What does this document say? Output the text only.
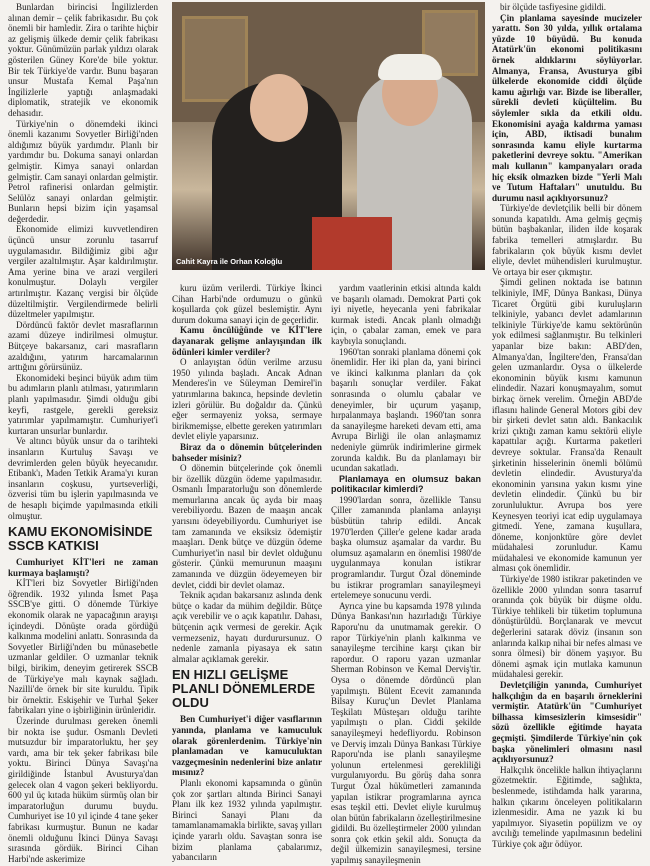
Cahit Kayra ile Orhan Koloğlu

Bunlardan birincisi İngilizlerden alınan demir – çelik fabrikasıdır. Bu çok önemli bir hamledir. Zira o tarihte hiçbir az gelişmiş ülkede demir çelik fabrikası yoktur. Günümüzün parlak yıldızı olarak gösterilen Güney Kore'de bile yoktur. Bir tek Türkiye'de vardır. Bunu başaran unsur Mustafa Kemal Paşa'nın İngilizlerle yaptığı anlaşmadaki diplomatik, stratejik ve ekonomik dehasıdır.

Türkiye'nin o dönemdeki ikinci önemli kazanımı Sovyetler Birliği'nden aldığımız büyük yardımdır. Planlı bir yardımdır bu. Dokuma sanayi onlardan gelmiştir. Kimya sanayi onlardan gelmiştir. Cam sanayi onlardan gelmiştir. Petrol rafinerisi onlardan gelmiştir. Selülöz sanayi onlardan gelmiştir. Bunların hepsi bizim için yaşamsal değerdedir.

Ekonomide elimizi kuvvetlendiren üçüncü unsur zorunlu tasarruf uygulamasıdır. Bildiğimiz gibi ağır vergiler azaltılmıştır. Aşar kaldırılmıştır. Ama yerine bina ve arazi vergileri konulmuştur. Dolaylı vergiler artırılmıştır. Kazanç vergisi bir ölçüde düzeltilmiştir. Vergilendirmede belirli düzeltmeler yapılmıştır.

Dördüncü faktör devlet masraflarının azami düzeye indirilmesi olmuştur. Bütçeye bakarsanız, cari masrafların azaldığını, yatırım harcamalarının arttığını görürsünüz.

Ekonomideki beşinci büyük adım tüm bu adımların planlı atılması, yatırımların planlı yapılmasıdır. Şimdi olduğu gibi keyfi, rastgele, gerekli gereksiz yatırımlar yapılmamıştır. Cumhuriyet'i kurtaran unsurlar bunlardır.

Ve altıncı büyük unsur da o tarihteki insanların Kurtuluş Savaşı ve devrimlerden gelen büyük heyecanıdır. Etibank'ı, Maden Tetkik Arama'yı kuran insanların coşkusu, yurtseverliği, özverisi tüm bu işlerin yapılmasında ve de hesaplı biçimde yapılmasında etkili olmuştur.

KAMU EKONOMİSİNDE SSCB KATKISI

Cumhuriyet KİT'leri ne zaman kurmaya başlamıştı?

KİT'leri biz Sovyetler Birliği'nden öğrendik. 1932 yılında İsmet Paşa SSCB'ye gitti. O dönemde Türkiye ekonomik olarak ne yapacağının arayışı içindeydi. Dönüşte orada gördüğü kalkınma modelini anlattı. Sonrasında da Sovyetler Birliği'nden bu münasebetle uzmanlar geldiler. O uzmanlar teknik bilgi, birikim, deneyim getirerek SSCB de Türkiye'ye malı kaynak sağladı. Nazilli'de örnek bir site kuruldu. Tipik bir örnektir. Eskişehir ve Turhal Şeker fabrikaları yine o işbirliğinin ürünleridir.

Üzerinde durulması gereken önemli bir nokta ise şudur. Osmanlı Devleti mutsuzdur bir imparatorluktu, her şey vardı, ama bir tek şeker fabrikası bile yoktu. Birinci Dünya Savaşı'na girildiğinde İstanbul Avusturya'dan gelecek olan 4 vagon şekeri bekliyordu. 600 yıl üç kıtada hüküm sürmüş olan bir imparatorluğun durumu buydu. Cumhuriyet ise 10 yıl içinde 4 tane şeker fabrikası kurmuştur. Bunun ne kadar önemli olduğunu İkinci Dünya Savaşı sırasında gördük. Birinci Cihan Harbi'nde askerimize

kuru üzüm verilerdi. Türkiye İkinci Cihan Harbi'nde ordumuzu o günkü koşullarda çok güzel beslemiştir. Aynı durum dokuma sanayi için de geçerlidir.

Kamu öncülüğünde ve KİT'lere dayanarak gelişme anlayışından ilk ödünleri kimler verdiler?

O anlayıştan ödün verilme arzusu 1950 yılında başladı. Ancak Adnan Menderes'in ve Süleyman Demirel'in yatırımlarına bakınca, hepsinde devletin izleri görülür. Bu doğaldır da. Çünkü eğer sermayeniz yoksa, sermaye birikmemişse, elbette gereken yatırımları devlet eliyle yaparsınız.

Biraz da o dönemin bütçelerinden bahseder misiniz?

O dönemin bütçelerinde çok önemli bir özellik düzgün ödeme yapılmasıdır. Osmanlı İmparatorluğu son dönemlerde memurlarına ancak üç ayda bir maaş verebiliyordu. Bazen de maaşın ancak yarısını ödeyebiliyordu. Cumhuriyet ise tam zamanında ve eksiksiz ödemiştir maaşları. Denk bütçe ve düzgün ödeme Cumhuriyet'in nasıl bir devlet olduğunu gösterir. Çünkü memurunun maaşını zamanında ve düzgün ödeyemeyen bir devlet, ciddi bir devlet olamaz.

Teknik açıdan bakarsanız aslında denk bütçe o kadar da mühim değildir. Bütçe açık verebilir ve o açık kapatılır. Dahası, bütçenin açık vermesi de gerekir. Açık vermezseniz, hayatı durdurursunuz. O nedenle zamanla piyasaya ek satın almalar açıklamak gerekir.

EN HIZLI GELİŞME PLANLI DÖNEMLERDE OLDU

Ben Cumhuriyet'i diğer vasıflarının yanında, planlama ve kamuculuk olarak görenlerdenim. Türkiye'nin planlamadan ve kamuculuktan vazgeçmesinin nedenlerini bize anlatır mısınız?

Planlı ekonomi kapsamında o günün çok zor şartları altında Birinci Sanayi Planı ilk kez 1932 yılında yapılmıştır. Birinci Sanayi Planı da tamamlanamamakla birlikte, savaş yılları içinde yararlı oldu. Savaştan sonra ise bizim planlama çabalarımız, yabancıların

yardım vaatlerinin etkisi altında kaldı ve başarılı olamadı. Demokrat Parti çok iyi niyetle, heyecanla yeni fabrikalar kurmak istedi. Ancak planlı olmadığı için, o çabalar zaman, emek ve para kaybıyla sonuçlandı.

1960'tan sonraki planlama dönemi çok önemlidir. Her iki plan da, yani birinci ve ikinci kalkınma planları da çok başarılı sonuçlar verdiler. Fakat sonrasında o olumlu çabalar ve deneyimler, bir uçurum yaşanıp, hırpalanmaya başlandı. 1960'tan sonra da sanayileşme hareketi devam etti, ama Avrupa Birliği ile olan anlaşmamız nedeniyle gümrük indirimlerine girmek zorunda kaldık. Bu da planlamayı bir ucundan sakatladı.

Planlamaya en olumsuz bakan politikacılar kimlerdi?

1990'lardan sonra, özellikle Tansu Çiller zamanında planlama anlayışı büsbütün tahrip edildi. Ancak 1970'lerden Çiller'e gelene kadar arada başka olumsuz aşamalar da vardır. Bu olumsuz aşamaların en önemlisi 1980'de uygulanmaya konulan istikrar programlarıdır. Turgut Özal döneminde bu istikrar programları sanayileşmeyi ertelemeye sonucunu verdi.

Ayrıca yine bu kapsamda 1978 yılında Dünya Bankası'nın hazırladığı Türkiye Raporu'nu da unutmamak gerekir. O rapor Türkiye'nin planlı kalkınma ve sanayileşme tercihine karşı çıkan bir rapordur. O raporu yazan uzmanlar Sherman Robinson ve Kemal Derviş'tir. Oysa o dönemde dördüncü plan yapılmıştı. Bülent Ecevit zamanında Bilsay Kuruç'un Devlet Planlama Teşkilatı Müsteşarı olduğu tarihte yapılmıştı o plan. Ciddi şekilde sanayileşmeyi hedefliyordu. Robinson ve Derviş imzalı Dünya Bankası Türkiye Raporu'nda ise planlı sanayileşme yolunun ertelenmesi gerekliliği vurgulanıyordu. Bu görüş daha sonra Turgut Özal hükümetleri zamanında yapılan istikrar programlarına ayrıca esas teşkil etti. Devlet eliyle kurulmuş olan bütün fabrikaların özelleştirilmesine gidildi. Bu özelleştirmeler 2000 yılından sonra çok etkin şekil aldı. Sonuçta da değil ülkemizin sanayileşmesi, tersine yapılmış sanayileşmenin

bir ölçüde tasfiyesine gidildi.

Çin planlama sayesinde mucizeler yarattı. Son 30 yılda, yıllık ortalama yüzde 10 büyüdü. Bu konuda Atatürk'ün ekonomi politikasını örnek aldıklarını söylüyorlar. Almanya, Fransa, Avusturya gibi ülkelerde ekonomide ciddi ölçüde kamu ağırlığı var. Bizde ise liberaller, sürekli devleti küçültelim. Bu söylemler sıkla da etkili oldu. Ekonomisini ayağa kaldırma yaması için, ABD, iktisadi bunalım sonrasında kamu eliyle kurtarma paketlerini devreye soktu. "Amerikan malı kullanın" kampanyaları orada hiç eksik olmazken bizde "Yerli Malı ve Tutum Haftaları" unutuldu. Bu durumu nasıl açıklıyorsunuz?

Türkiye'de devletçilik belli bir dönem sonunda kapatıldı. Ama gelmiş geçmiş bütün başbakanlar, iliden ilde koşarak fabrika temelleri atmışlardır. Bu fabrikaların çok büyük kısmı devlet eliyle, devlet mühendisleri kurulmuştur. Ve ortaya bir eser çıkmıştır.

Şimdi gelinen noktada ise batının telkiniyle, IMF, Dünya Bankası, Dünya Ticaret Örgütü gibi kuruluşların telkiniyle, yabancı devlet adamlarının telkiniyle Türkiye'de kamu sektörünün yok edilmesi sağlanmıştır. Bu telkinleri yapanlar bize bakın: ABD'den, Almanya'dan, İngiltere'den, Fransa'dan gelen uzmanlardır. Oysa o ülkelerde ekonominin büyük kısmı kamunun elindedir. Nazari konuşmayalım, somut birkaç örnek verelim. Örneğin ABD'de iflasını halinde General Motors gibi dev bir şirketi devlet satın aldı. Bankacılık krizi çıktığı zaman kamu sektörü eliyle kapattılar açığı. Kurtarma paketleri devreye soktular. Fransa'da Renault şirketinin hisselerinin önemli bölümü devletin elindedir. Avusturya'da ekonominin yarısına yakın kısmı yine devletin elindedir. Çünkü bu bir zorunluluktur. Avrupa bos yere Keynesyen teoriyi icat edip uygulamaya gitmedi. Yene, zamana kuşullara, döneme, konjonktüre göre devlet müdahalesi zorunludur. Kamu müdahalesi ve ekonomide kamunun yer alması çok önemlidir.

Türkiye'de 1980 istikrar paketinden ve özellikle 2000 yılından sonra tasarruf oranında çok büyük bir düşme oldu. Türkiye tehlikeli bir tüketim toplumuna dönüştürüldü. Borçlanarak ve mevcut değerlerini satarak döviz (insanın son anlarında kalkıp nihai bir nefes alması ve sonra ölmesi) bir dönem yaşıyor. Bu dönemi aşmak için mutlaka kamunun müdahalesi gerekir.

Devletçiliğin yanında, Cumhuriyet halkçılığın da en başarılı örneklerini vermiştir. Atatürk'ün "Cumhuriyet bilhassa kimsesizlerin kimsesidir" sözü özellikle eğitimde hayata geçmişti. Şimdilerde Türkiye'nin çok başka yönelimleri olmasını nasıl açıklıyorsunuz?

Halkçılık öncelikle halkın ihtiyaçlarını gözetmektir. Eğitimde, sağlıkta, beslenmede, istihdamda halk yararına, halkın çıkarını önceleyen politikaların izlenmesidir. Ama ne yazık ki bu yapılmıyor. Siyasetin popülizm ve oy avcılığı temelinde yapılmasının bedelini Türkiye çok ağır ödüyor.
